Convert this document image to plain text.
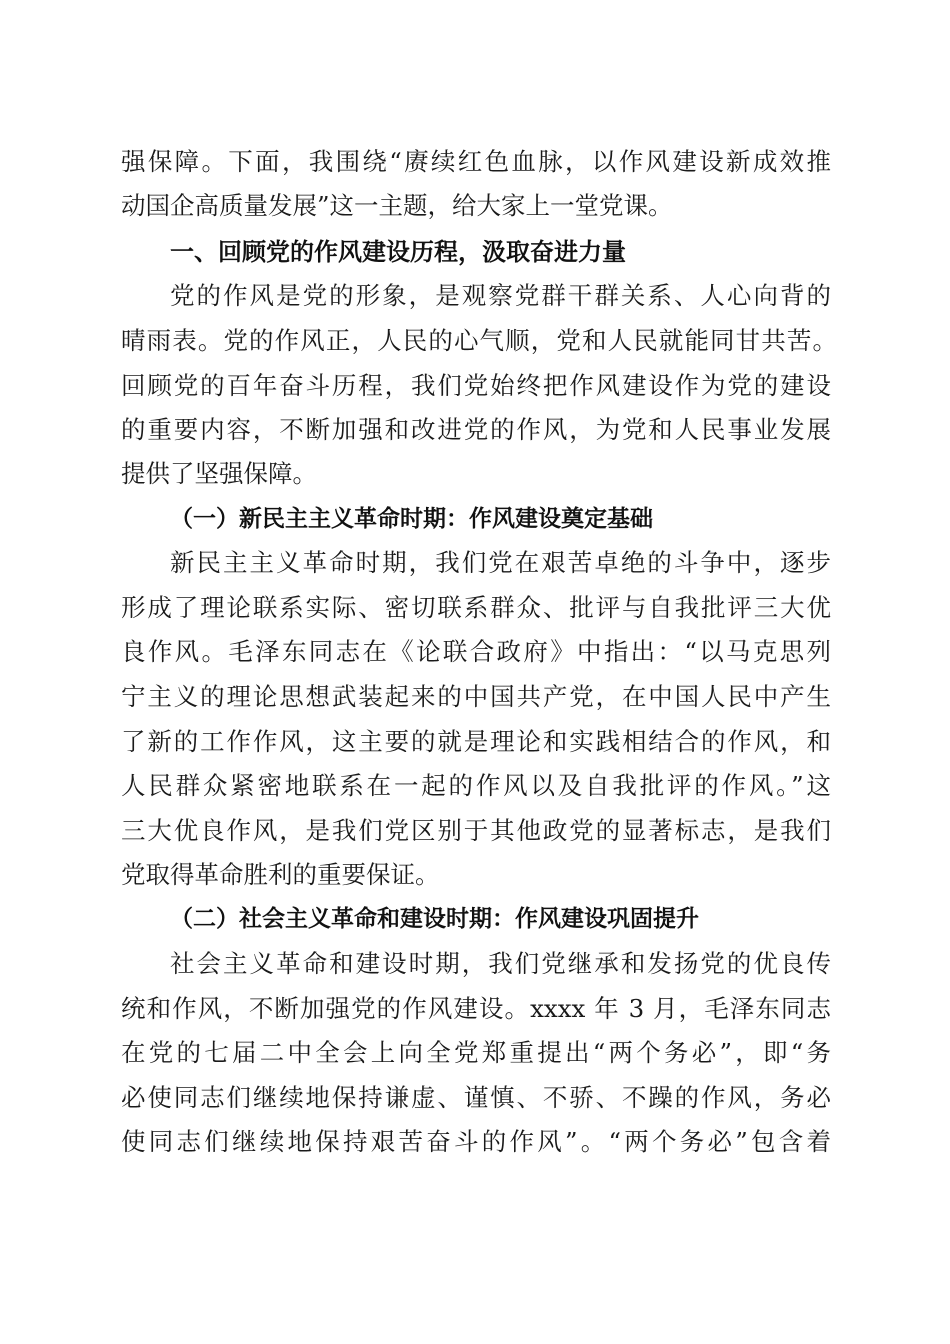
强保障。下面，我围绕“赓续红色血脉，以作风建设新成效推
动国企高质量发展”这一主题，给大家上一堂党课。
一、回顾党的作风建设历程，汲取奋进力量
党的作风是党的形象，是观察党群干群关系、人心向背的
晴雨表。党的作风正，人民的心气顺，党和人民就能同甘共苦。
回顾党的百年奋斗历程，我们党始终把作风建设作为党的建设
的重要内容，不断加强和改进党的作风，为党和人民事业发展
提供了坚强保障。
（一）新民主主义革命时期：作风建设奠定基础
新民主主义革命时期，我们党在艰苦卓绝的斗争中，逐步
形成了理论联系实际、密切联系群众、批评与自我批评三大优
良作风。毛泽东同志在《论联合政府》中指出：“以马克思列
宁主义的理论思想武装起来的中国共产党，在中国人民中产生
了新的工作作风，这主要的就是理论和实践相结合的作风，和
人民群众紧密地联系在一起的作风以及自我批评的作风。”这
三大优良作风，是我们党区别于其他政党的显著标志，是我们
党取得革命胜利的重要保证。
（二）社会主义革命和建设时期：作风建设巩固提升
社会主义革命和建设时期，我们党继承和发扬党的优良传
统和作风，不断加强党的作风建设。xxxx 年 3 月，毛泽东同志
在党的七届二中全会上向全党郑重提出“两个务必”，即“务
必使同志们继续地保持谦虚、谨慎、不骄、不躁的作风，务必
使同志们继续地保持艰苦奋斗的作风”。“两个务必”包含着
